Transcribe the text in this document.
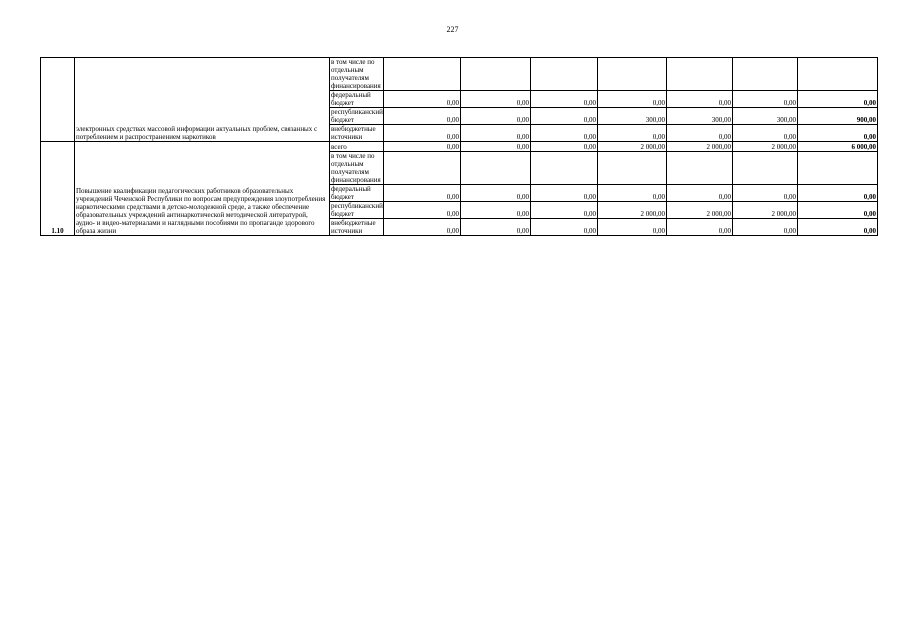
227
	электронных средствах массовой информации актуальных проблем, связанных с потреблением и распространением наркотиков	в том числе по отдельным получателям финансирования							
		федеральный бюджет	0,00	0,00	0,00	0,00	0,00	0,00	0,00
		республиканский бюджет	0,00	0,00	0,00	300,00	300,00	300,00	900,00
		внебюджетные источники	0,00	0,00	0,00	0,00	0,00	0,00	0,00
1.10	Повышение квалификации педагогических работников образовательных учреждений Чеченской Республики по вопросам предупреждения злоупотребления наркотическими средствами в детско-молодежной среде, а также обеспечение образовательных учреждений антинаркотической методической литературой, аудио- и видео-материалами и наглядными пособиями по пропаганде здорового образа жизни	всего	0,00	0,00	0,00	2 000,00	2 000,00	2 000,00	6 000,00
		в том числе по отдельным получателям финансирования							
		федеральный бюджет	0,00	0,00	0,00	0,00	0,00	0,00	0,00
		республиканский бюджет	0,00	0,00	0,00	2 000,00	2 000,00	2 000,00	0,00
		внебюджетные источники	0,00	0,00	0,00	0,00	0,00	0,00	0,00
